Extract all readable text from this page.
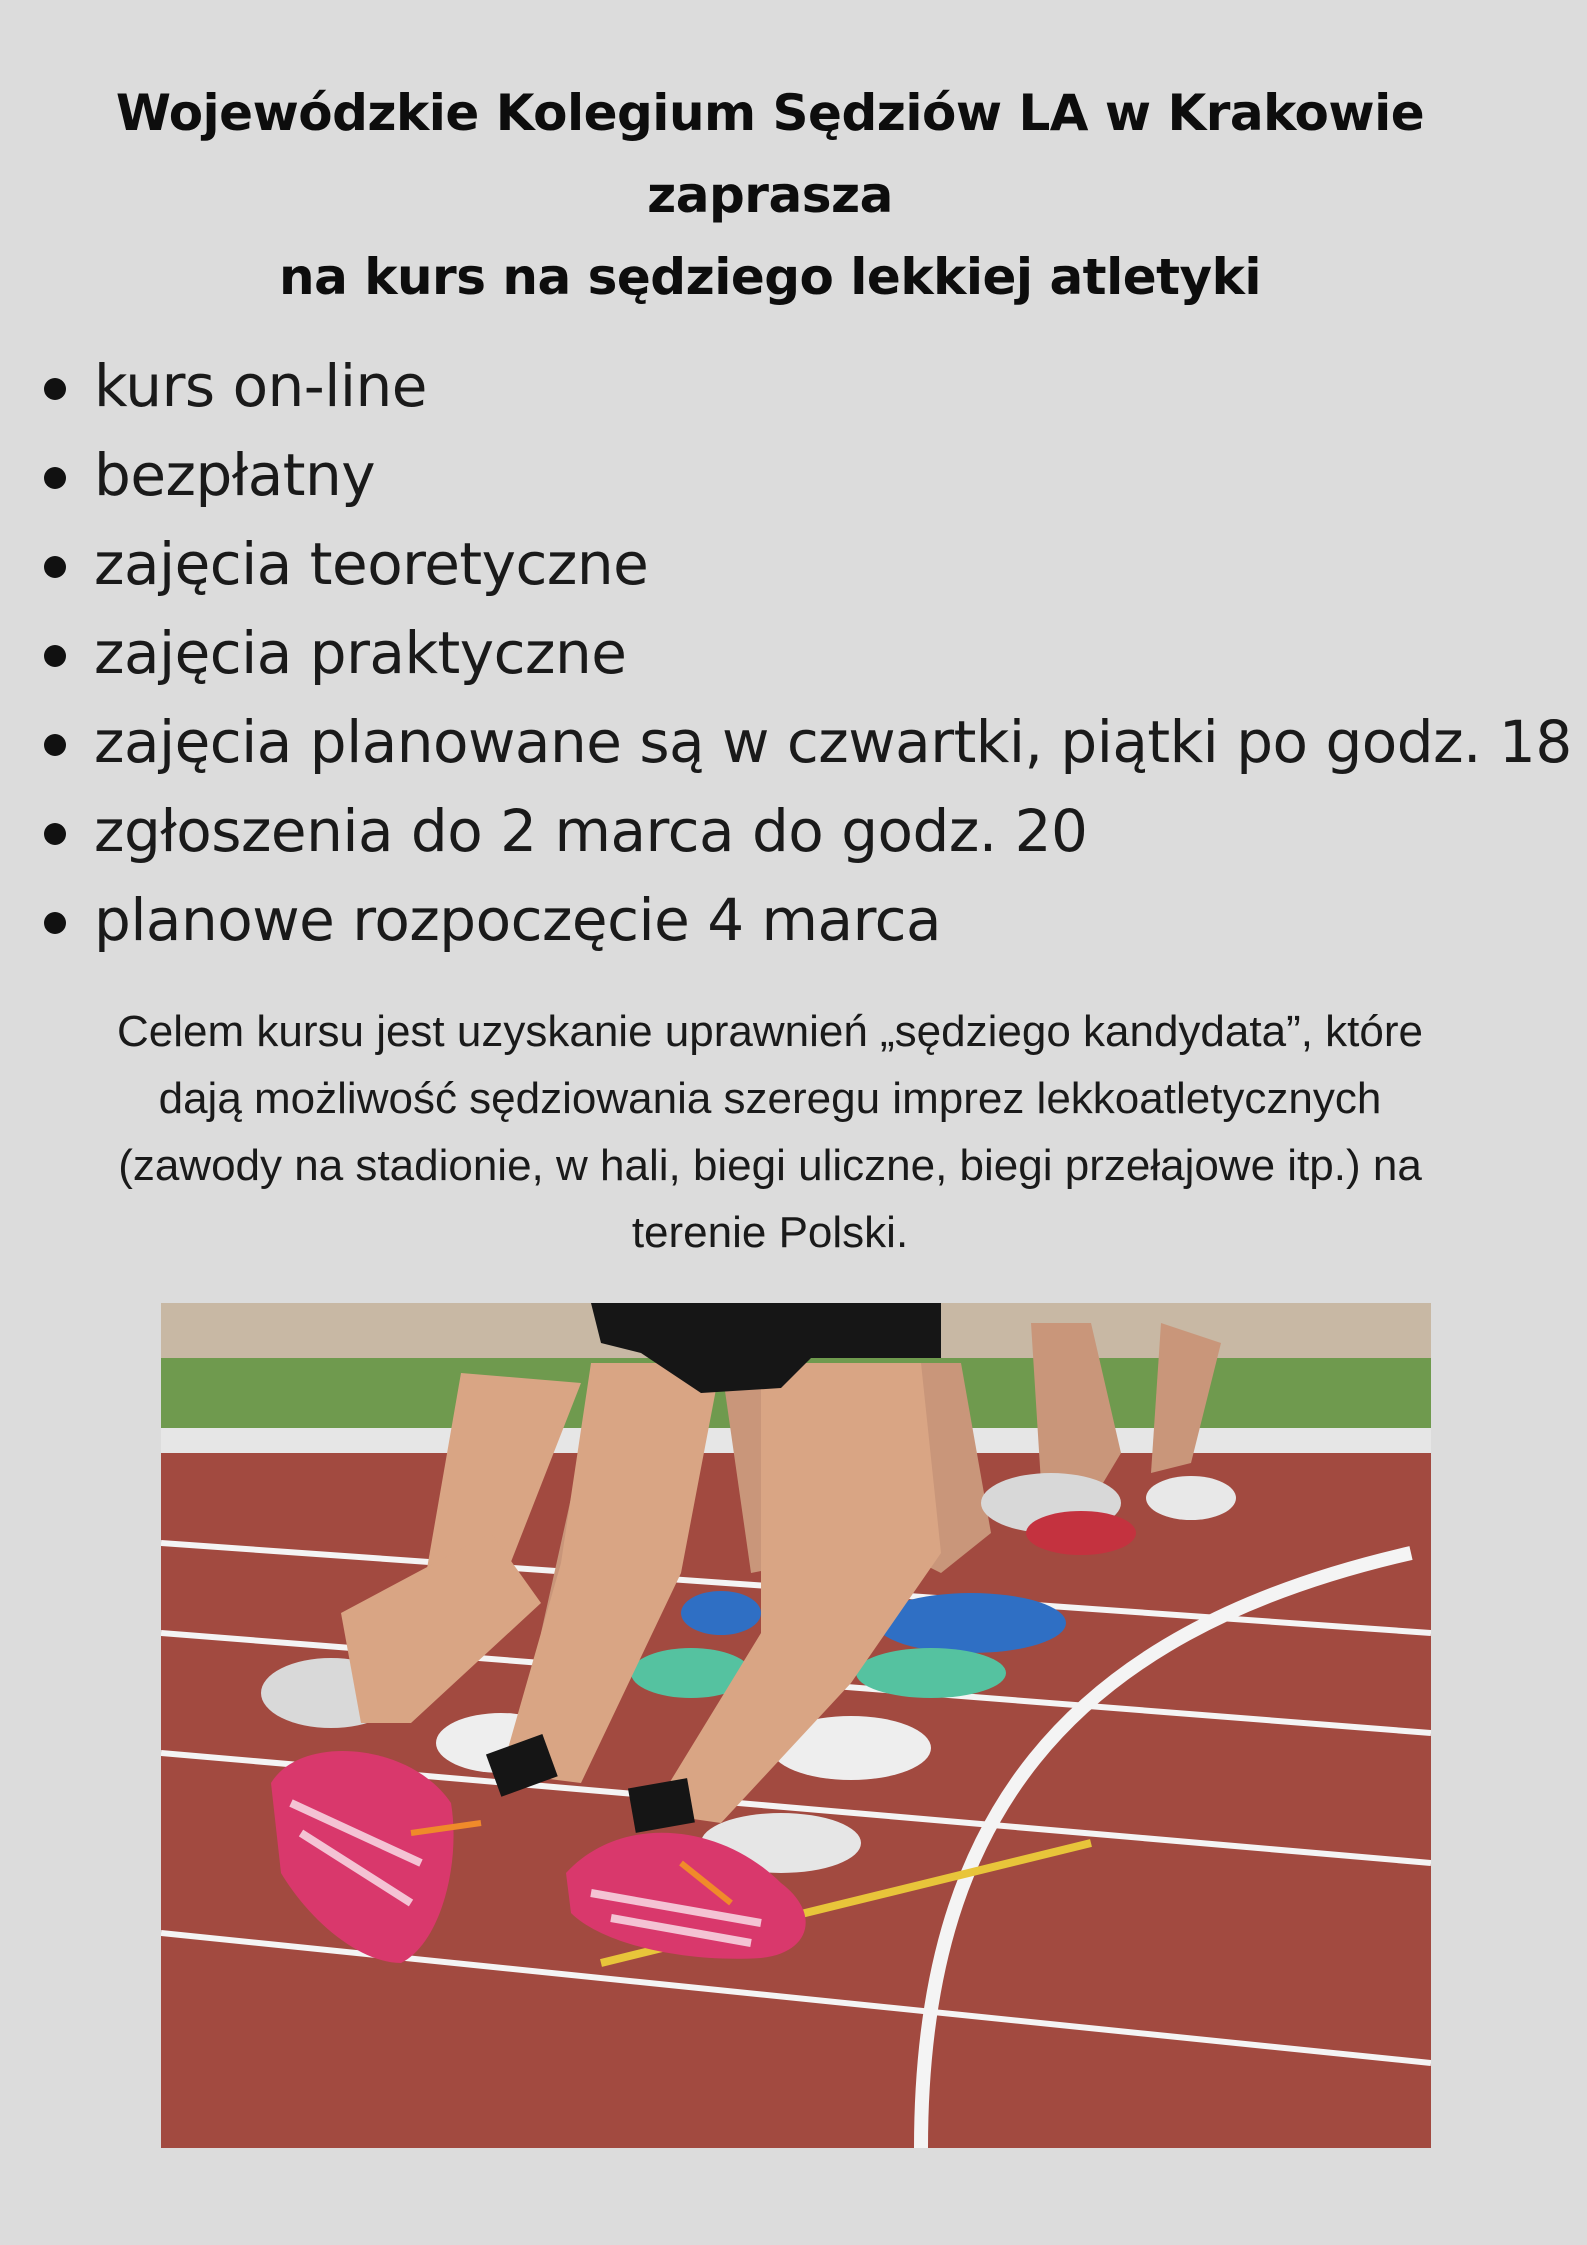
Wojewódzkie Kolegium Sędziów LA w Krakowie
zaprasza
na kurs na sędziego lekkiej atletyki
kurs on-line
bezpłatny
zajęcia teoretyczne
zajęcia praktyczne
zajęcia planowane są w czwartki, piątki po godz. 18
zgłoszenia do 2 marca do godz. 20
planowe rozpoczęcie 4 marca
Celem kursu jest uzyskanie uprawnień „sędziego kandydata”, które
dają możliwość sędziowania szeregu imprez lekkoatletycznych
(zawody na stadionie, w hali, biegi uliczne, biegi przełajowe itp.) na
terenie Polski.
